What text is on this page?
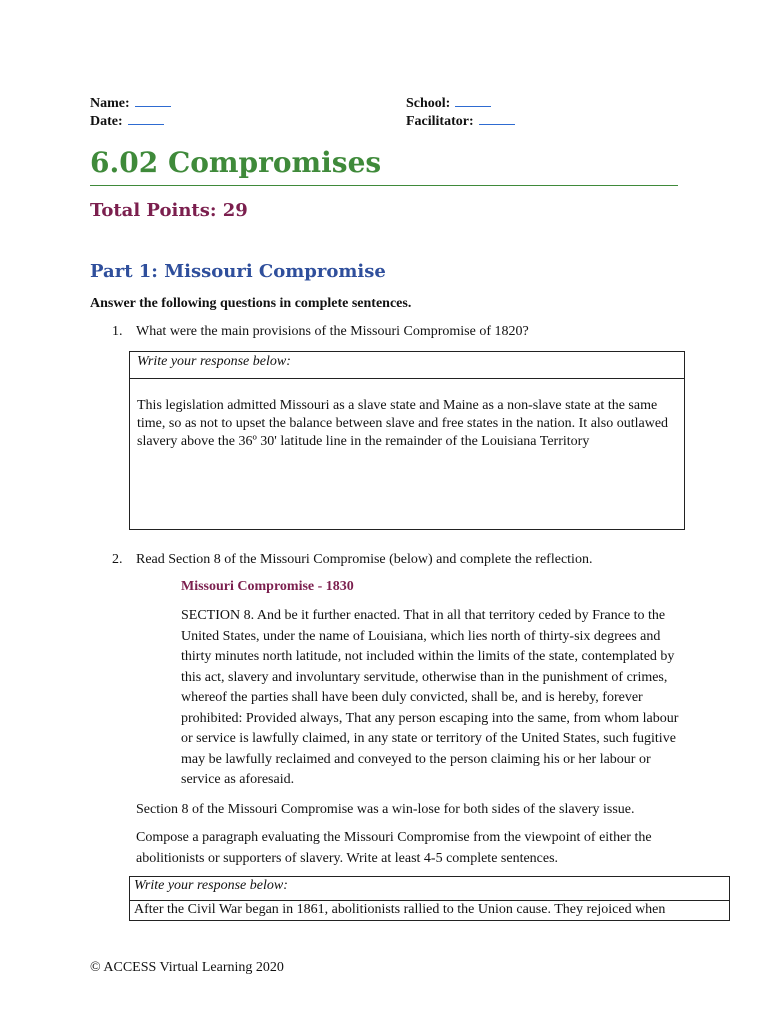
Name:
Date:
School:
Facilitator:
6.02 Compromises
Total Points: 29
Part 1: Missouri Compromise
Answer the following questions in complete sentences.
1. What were the main provisions of the Missouri Compromise of 1820?
Write your response below:
This legislation admitted Missouri as a slave state and Maine as a non-slave state at the same time, so as not to upset the balance between slave and free states in the nation. It also outlawed slavery above the 36º 30' latitude line in the remainder of the Louisiana Territory
2. Read Section 8 of the Missouri Compromise (below) and complete the reflection.
Missouri Compromise - 1830
SECTION 8. And be it further enacted. That in all that territory ceded by France to the United States, under the name of Louisiana, which lies north of thirty-six degrees and thirty minutes north latitude, not included within the limits of the state, contemplated by this act, slavery and involuntary servitude, otherwise than in the punishment of crimes, whereof the parties shall have been duly convicted, shall be, and is hereby, forever prohibited: Provided always, That any person escaping into the same, from whom labour or service is lawfully claimed, in any state or territory of the United States, such fugitive may be lawfully reclaimed and conveyed to the person claiming his or her labour or service as aforesaid.
Section 8 of the Missouri Compromise was a win-lose for both sides of the slavery issue.
Compose a paragraph evaluating the Missouri Compromise from the viewpoint of either the abolitionists or supporters of slavery. Write at least 4-5 complete sentences.
Write your response below:
After the Civil War began in 1861, abolitionists rallied to the Union cause. They rejoiced when
© ACCESS Virtual Learning 2020
